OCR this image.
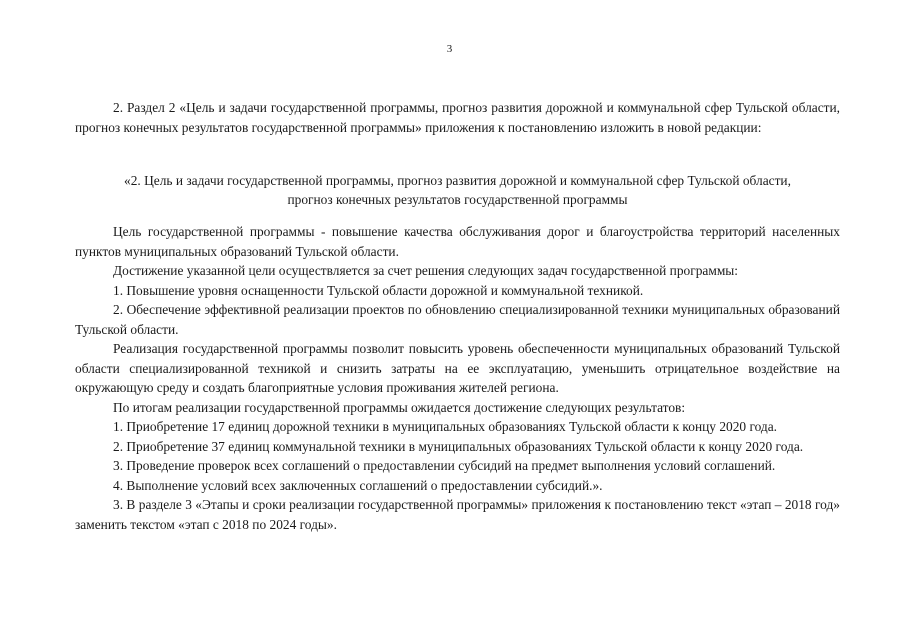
3

2. Раздел 2 «Цель и задачи государственной программы, прогноз развития дорожной и коммунальной сфер Тульской области, прогноз конечных результатов государственной программы» приложения к постановлению изложить в новой редакции:

«2. Цель и задачи государственной программы, прогноз развития дорожной и коммунальной сфер Тульской области,
прогноз конечных результатов государственной программы

Цель государственной программы - повышение качества обслуживания дорог и благоустройства территорий населенных пунктов муниципальных образований Тульской области.

Достижение указанной цели осуществляется за счет решения следующих задач государственной программы:

1. Повышение уровня оснащенности Тульской области дорожной и коммунальной техникой.

2. Обеспечение эффективной реализации проектов по обновлению специализированной техники муниципальных образований Тульской области.

Реализация государственной программы позволит повысить уровень обеспеченности муниципальных образований Тульской области специализированной техникой и снизить затраты на ее эксплуатацию, уменьшить отрицательное воздействие на окружающую среду и создать благоприятные условия проживания жителей региона.

По итогам реализации государственной программы ожидается достижение следующих результатов:

1. Приобретение 17 единиц дорожной техники в муниципальных образованиях Тульской области к концу 2020 года.

2. Приобретение 37 единиц коммунальной техники в муниципальных образованиях Тульской области к концу 2020 года.

3. Проведение проверок всех соглашений о предоставлении субсидий на предмет выполнения условий соглашений.

4. Выполнение условий всех заключенных соглашений о предоставлении субсидий.».

3. В разделе 3 «Этапы и сроки реализации государственной программы» приложения к постановлению текст «этап – 2018 год» заменить текстом «этап с 2018 по 2024 годы».
